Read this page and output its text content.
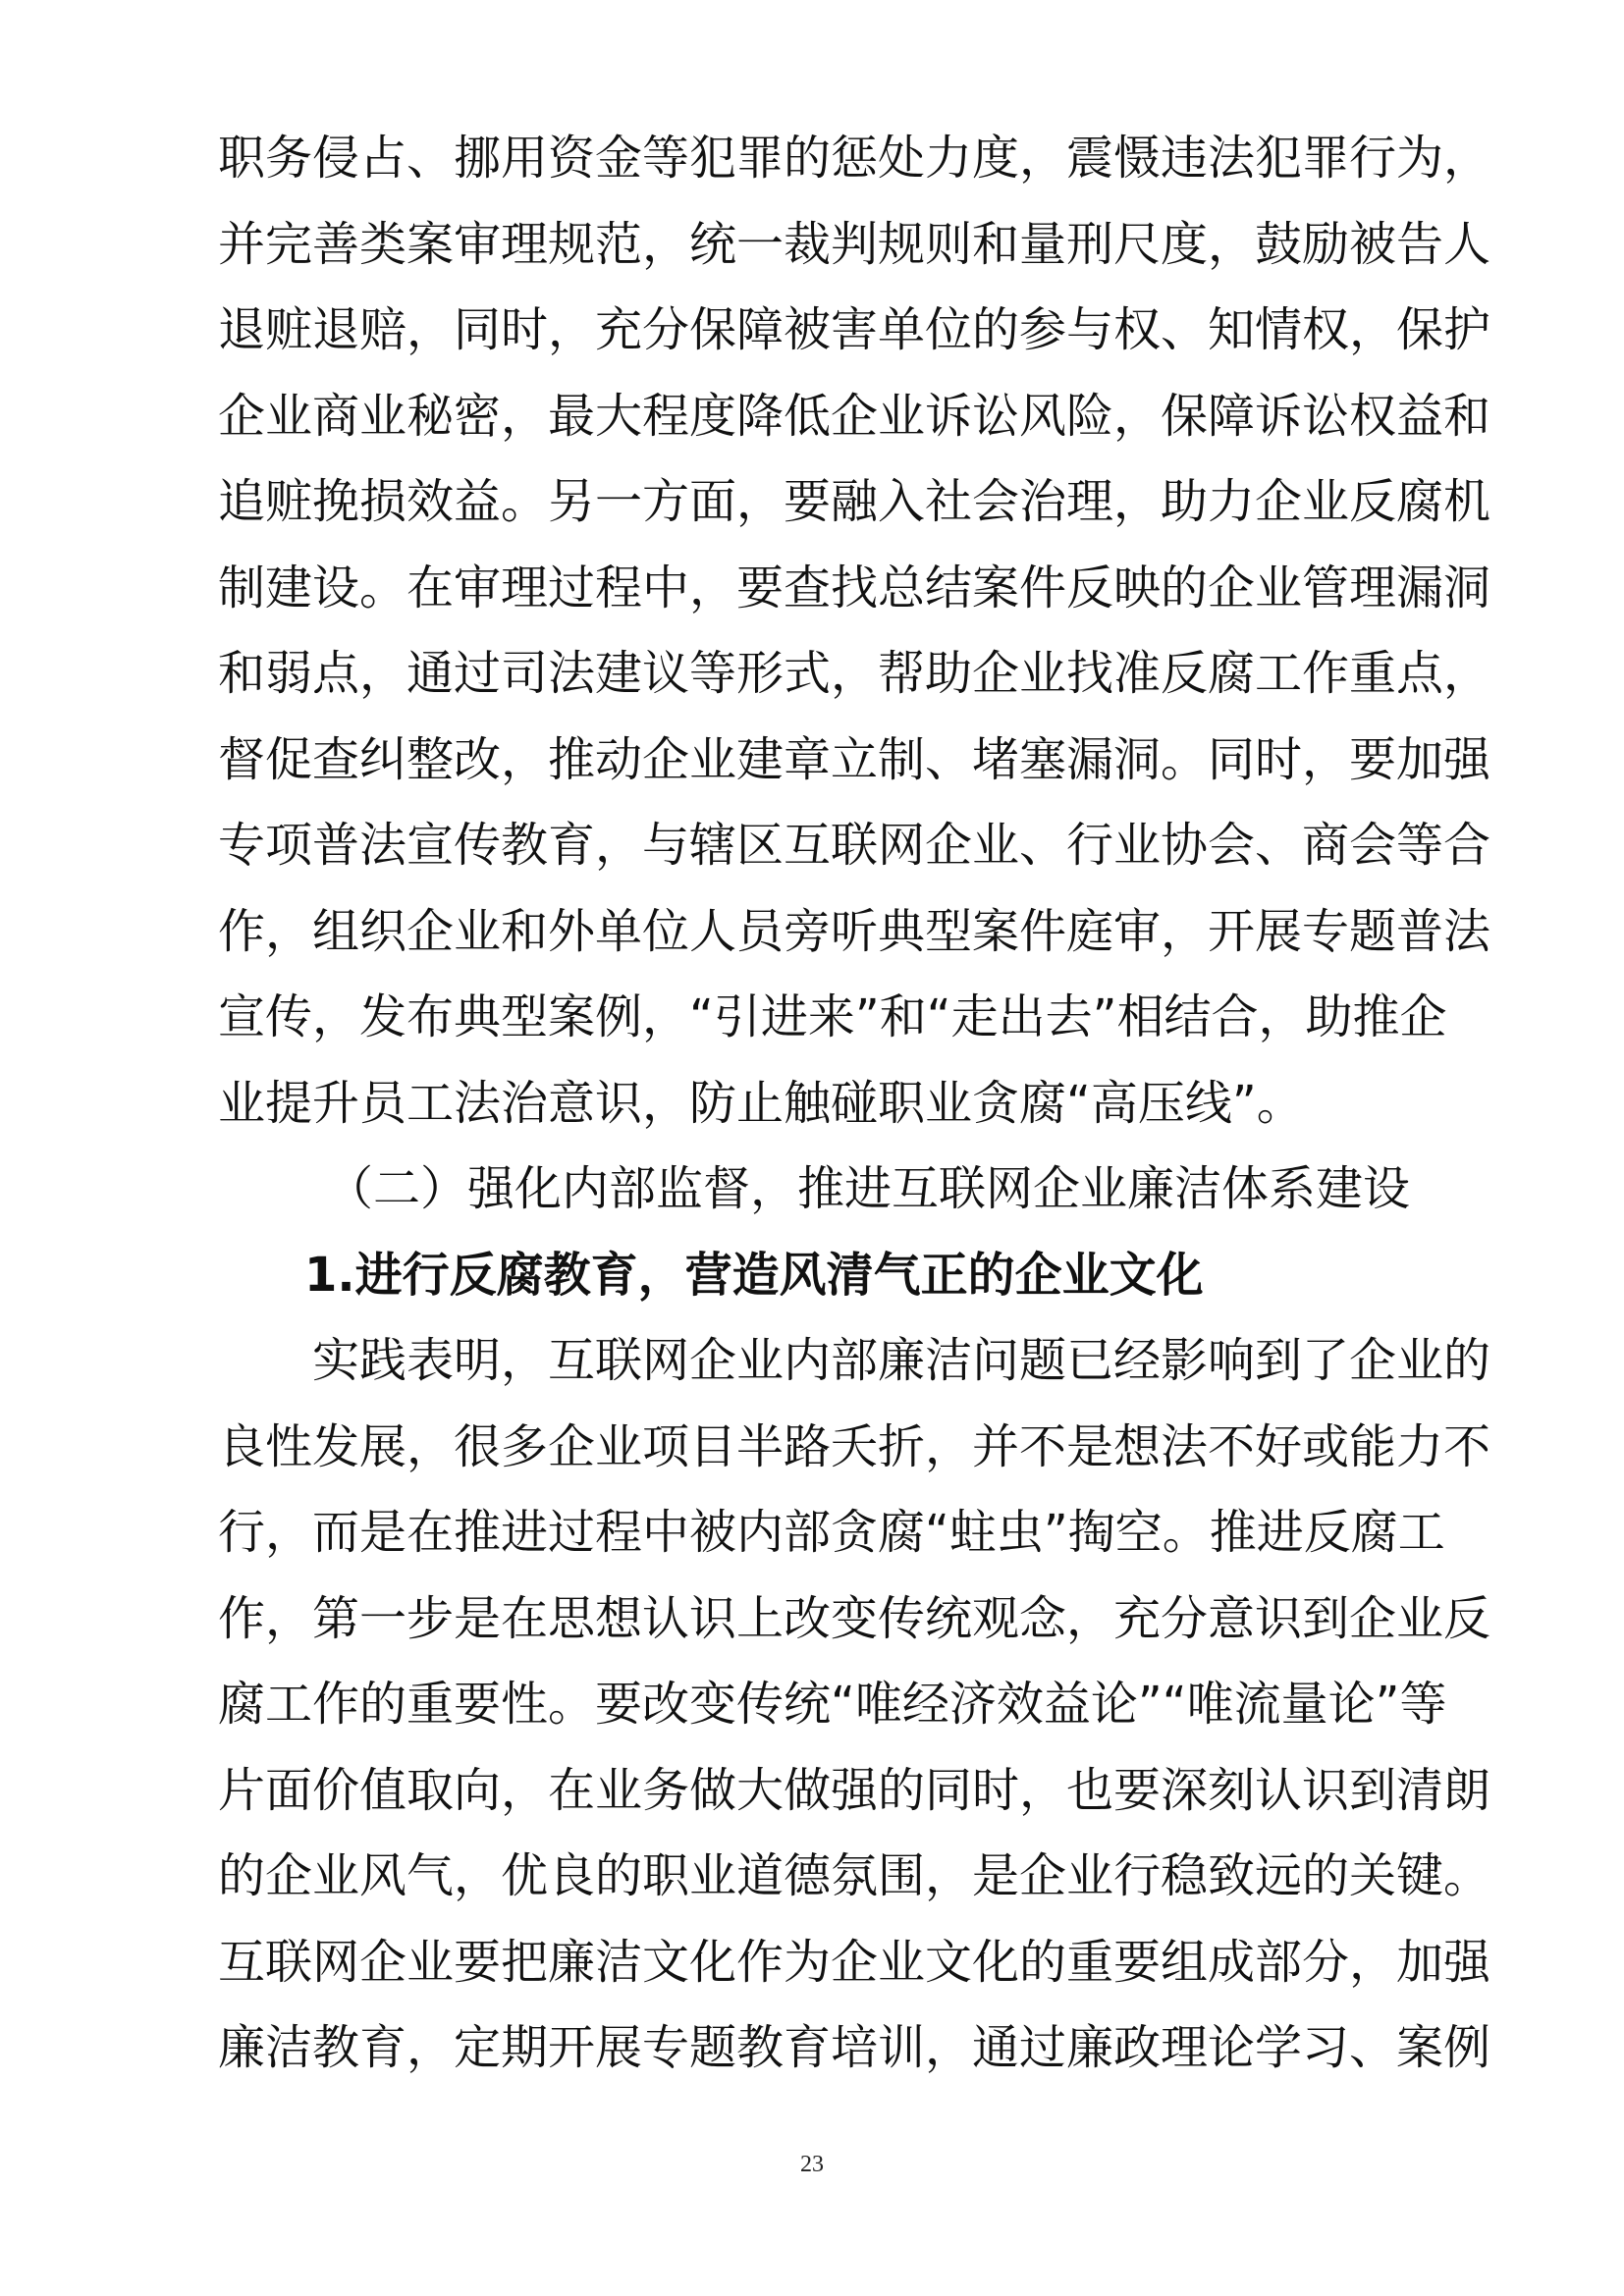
职务侵占、挪用资金等犯罪的惩处力度，震慑违法犯罪行为，
并完善类案审理规范，统一裁判规则和量刑尺度，鼓励被告人
退赃退赔，同时，充分保障被害单位的参与权、知情权，保护
企业商业秘密，最大程度降低企业诉讼风险，保障诉讼权益和
追赃挽损效益。另一方面，要融入社会治理，助力企业反腐机
制建设。在审理过程中，要查找总结案件反映的企业管理漏洞
和弱点，通过司法建议等形式，帮助企业找准反腐工作重点，
督促查纠整改，推动企业建章立制、堵塞漏洞。同时，要加强
专项普法宣传教育，与辖区互联网企业、行业协会、商会等合
作，组织企业和外单位人员旁听典型案件庭审，开展专题普法
宣传，发布典型案例，“引进来”和“走出去”相结合，助推企
业提升员工法治意识，防止触碰职业贪腐“高压线”。
（二）强化内部监督，推进互联网企业廉洁体系建设
1.进行反腐教育，营造风清气正的企业文化
实践表明，互联网企业内部廉洁问题已经影响到了企业的
良性发展，很多企业项目半路夭折，并不是想法不好或能力不
行，而是在推进过程中被内部贪腐“蛀虫”掏空。推进反腐工
作，第一步是在思想认识上改变传统观念，充分意识到企业反
腐工作的重要性。要改变传统“唯经济效益论”“唯流量论”等
片面价值取向，在业务做大做强的同时，也要深刻认识到清朗
的企业风气，优良的职业道德氛围，是企业行稳致远的关键。
互联网企业要把廉洁文化作为企业文化的重要组成部分，加强
廉洁教育，定期开展专题教育培训，通过廉政理论学习、案例
23
